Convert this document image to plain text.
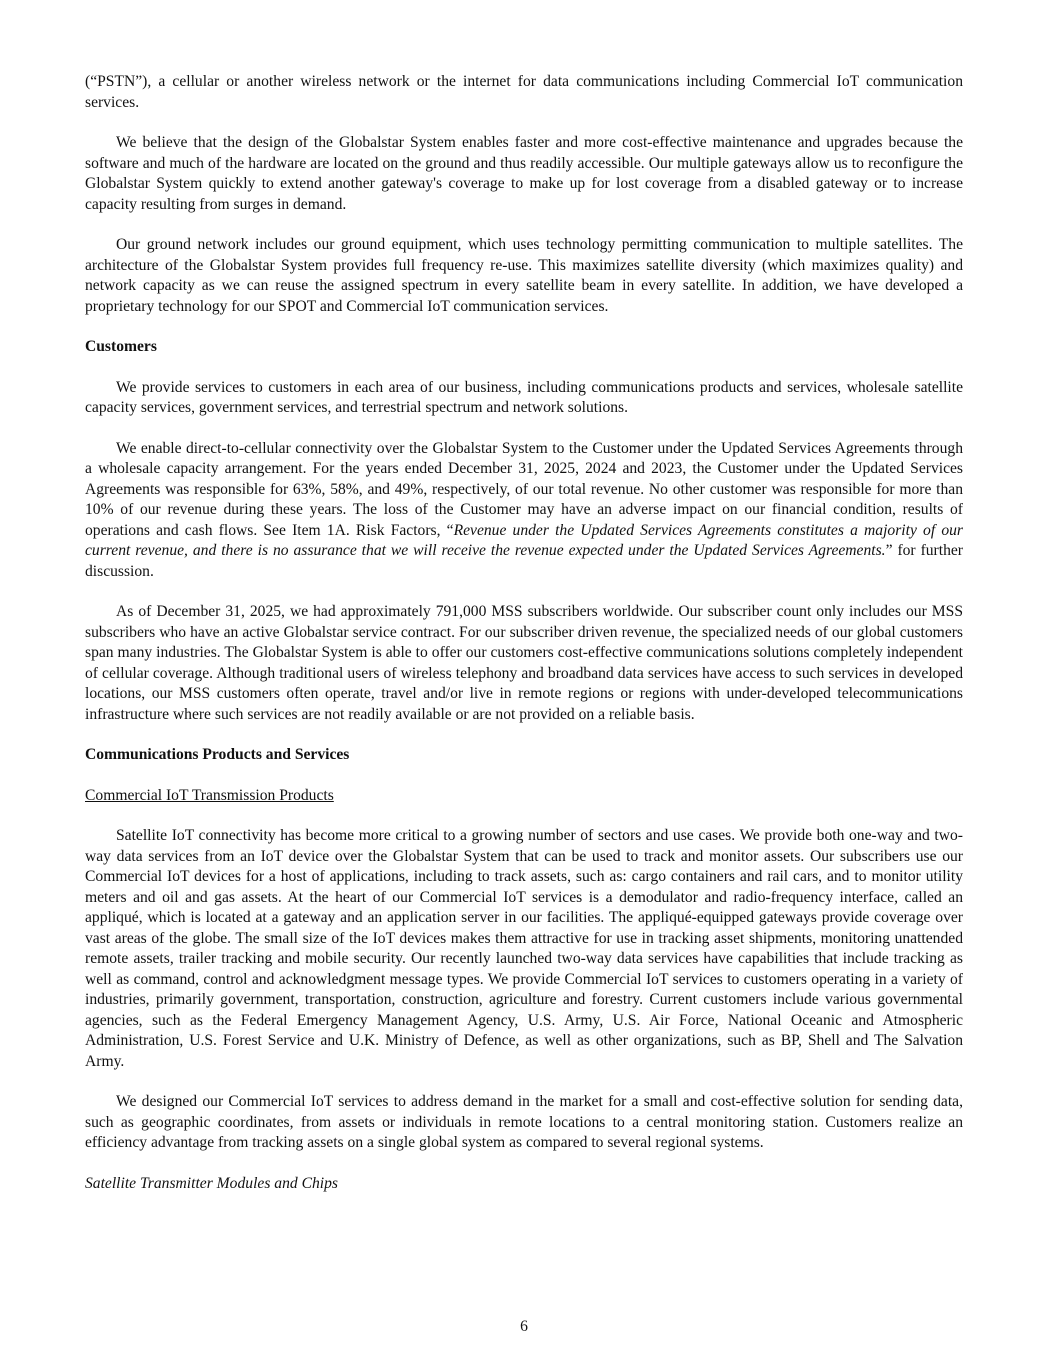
(“PSTN”), a cellular or another wireless network or the internet for data communications including Commercial IoT communication services.

We believe that the design of the Globalstar System enables faster and more cost-effective maintenance and upgrades because the software and much of the hardware are located on the ground and thus readily accessible. Our multiple gateways allow us to reconfigure the Globalstar System quickly to extend another gateway's coverage to make up for lost coverage from a disabled gateway or to increase capacity resulting from surges in demand.

Our ground network includes our ground equipment, which uses technology permitting communication to multiple satellites. The architecture of the Globalstar System provides full frequency re-use. This maximizes satellite diversity (which maximizes quality) and network capacity as we can reuse the assigned spectrum in every satellite beam in every satellite. In addition, we have developed a proprietary technology for our SPOT and Commercial IoT communication services.

Customers

We provide services to customers in each area of our business, including communications products and services, wholesale satellite capacity services, government services, and terrestrial spectrum and network solutions.

We enable direct-to-cellular connectivity over the Globalstar System to the Customer under the Updated Services Agreements through a wholesale capacity arrangement. For the years ended December 31, 2025, 2024 and 2023, the Customer under the Updated Services Agreements was responsible for 63%, 58%, and 49%, respectively, of our total revenue. No other customer was responsible for more than 10% of our revenue during these years. The loss of the Customer may have an adverse impact on our financial condition, results of operations and cash flows. See Item 1A. Risk Factors, “Revenue under the Updated Services Agreements constitutes a majority of our current revenue, and there is no assurance that we will receive the revenue expected under the Updated Services Agreements.” for further discussion.

As of December 31, 2025, we had approximately 791,000 MSS subscribers worldwide. Our subscriber count only includes our MSS subscribers who have an active Globalstar service contract. For our subscriber driven revenue, the specialized needs of our global customers span many industries. The Globalstar System is able to offer our customers cost-effective communications solutions completely independent of cellular coverage. Although traditional users of wireless telephony and broadband data services have access to such services in developed locations, our MSS customers often operate, travel and/or live in remote regions or regions with under-developed telecommunications infrastructure where such services are not readily available or are not provided on a reliable basis.

Communications Products and Services

Commercial IoT Transmission Products

Satellite IoT connectivity has become more critical to a growing number of sectors and use cases. We provide both one-way and two-way data services from an IoT device over the Globalstar System that can be used to track and monitor assets. Our subscribers use our Commercial IoT devices for a host of applications, including to track assets, such as: cargo containers and rail cars, and to monitor utility meters and oil and gas assets. At the heart of our Commercial IoT services is a demodulator and radio-frequency interface, called an appliqué, which is located at a gateway and an application server in our facilities. The appliqué-equipped gateways provide coverage over vast areas of the globe. The small size of the IoT devices makes them attractive for use in tracking asset shipments, monitoring unattended remote assets, trailer tracking and mobile security. Our recently launched two-way data services have capabilities that include tracking as well as command, control and acknowledgment message types. We provide Commercial IoT services to customers operating in a variety of industries, primarily government, transportation, construction, agriculture and forestry. Current customers include various governmental agencies, such as the Federal Emergency Management Agency, U.S. Army, U.S. Air Force, National Oceanic and Atmospheric Administration, U.S. Forest Service and U.K. Ministry of Defence, as well as other organizations, such as BP, Shell and The Salvation Army.

We designed our Commercial IoT services to address demand in the market for a small and cost-effective solution for sending data, such as geographic coordinates, from assets or individuals in remote locations to a central monitoring station. Customers realize an efficiency advantage from tracking assets on a single global system as compared to several regional systems.

Satellite Transmitter Modules and Chips

6
